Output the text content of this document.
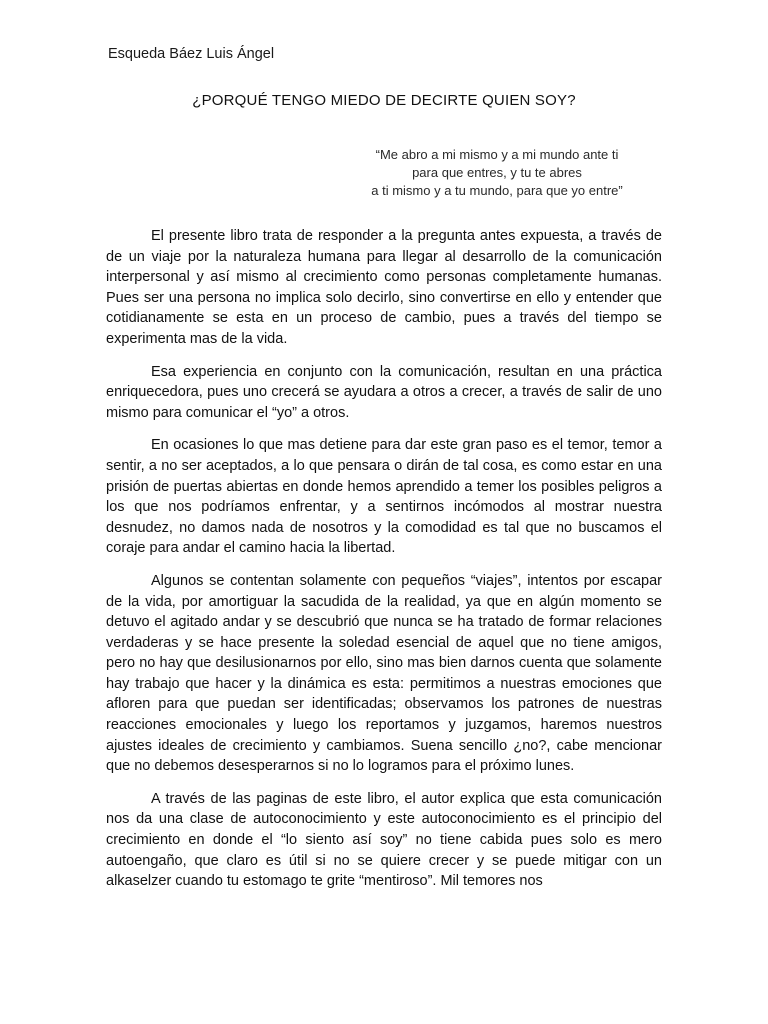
Esqueda Báez Luis Ángel
¿PORQUÉ TENGO MIEDO DE DECIRTE QUIEN SOY?
“Me abro a mi mismo y a mi mundo ante ti
para que entres, y tu te abres
a ti mismo y a tu mundo, para que yo entre”

El presente libro trata de responder a la pregunta antes expuesta, a través de de un viaje por la naturaleza humana para llegar al desarrollo de la comunicación interpersonal y así mismo al crecimiento como personas completamente humanas. Pues ser una persona no implica solo decirlo, sino convertirse en ello y entender que cotidianamente se esta en un proceso de cambio, pues a través del tiempo se experimenta mas de la vida.

Esa experiencia en conjunto con la comunicación, resultan en una práctica enriquecedora, pues uno crecerá se ayudara a otros a crecer, a través de salir de uno mismo para comunicar el “yo” a otros.

En ocasiones lo que mas detiene para dar este gran paso es el temor, temor a sentir, a no ser aceptados, a lo que pensara o dirán de tal cosa, es como estar en una prisión de puertas abiertas en donde hemos aprendido a temer los posibles peligros a los que nos podríamos enfrentar, y a sentirnos incómodos al mostrar nuestra desnudez, no damos nada de nosotros y la comodidad es tal que no buscamos el coraje para andar el camino hacia la libertad.

Algunos se contentan solamente con pequeños “viajes”, intentos por escapar de la vida, por amortiguar la sacudida de la realidad, ya que en algún momento se detuvo el agitado andar y se descubrió que nunca se ha tratado de formar relaciones verdaderas y se hace presente la soledad esencial de aquel que no tiene amigos, pero no hay que desilusionarnos por ello, sino mas bien darnos cuenta que solamente hay trabajo que hacer y la dinámica es esta: permitimos a nuestras emociones que afloren para que puedan ser identificadas; observamos los patrones de nuestras reacciones emocionales y luego los reportamos y juzgamos, haremos nuestros ajustes ideales de crecimiento y cambiamos. Suena sencillo ¿no?, cabe mencionar que no debemos desesperarnos si no lo logramos para el próximo lunes.

A través de las paginas de este libro, el autor explica que esta comunicación nos da una clase de autoconocimiento y este autoconocimiento es el principio del crecimiento en donde el “lo siento así soy” no tiene cabida pues solo es mero autoengaño, que claro es útil si no se quiere crecer y se puede mitigar con un alkaselzer cuando tu estomago te grite “mentiroso”. Mil temores nos
